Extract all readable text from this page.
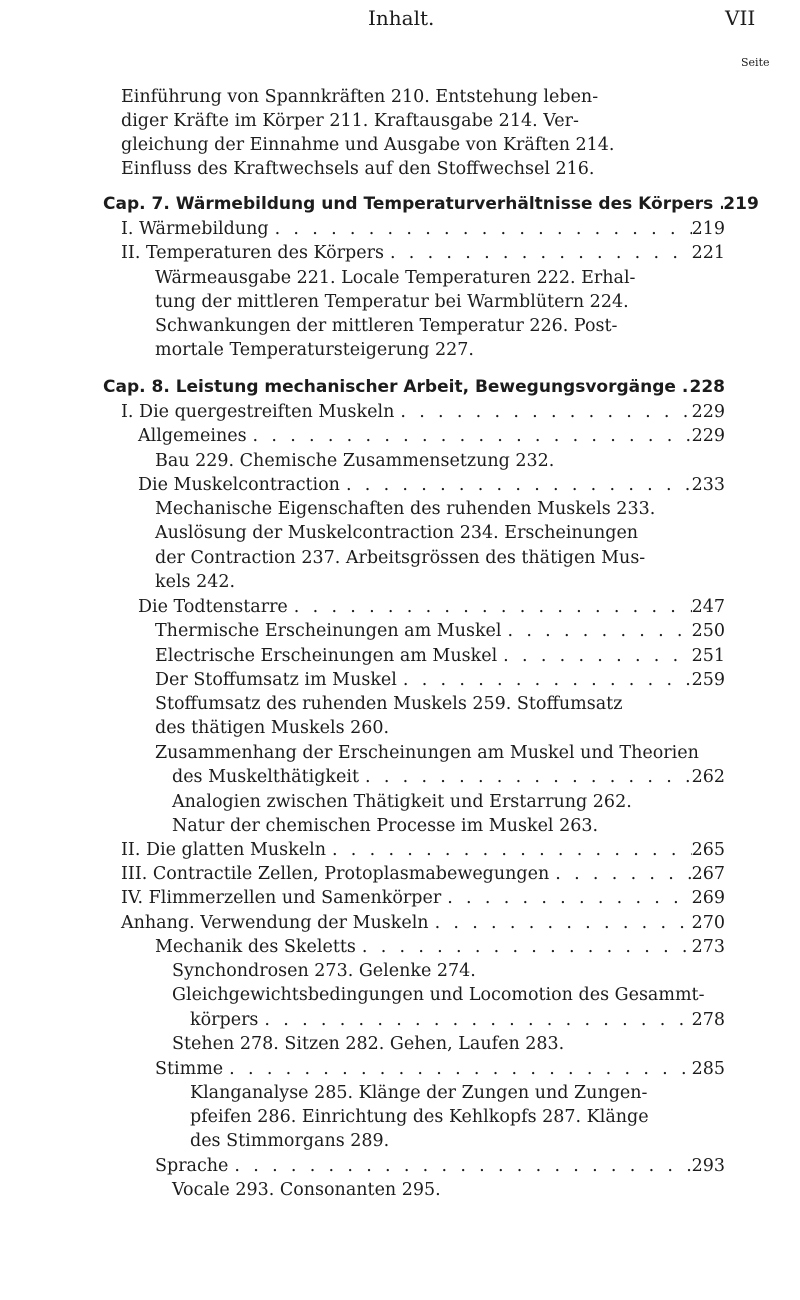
Inhalt.	VII
Seite
Einführung von Spannkräften 210. Entstehung leben-
diger Kräfte im Körper 211. Kraftausgabe 214. Ver-
gleichung der Einnahme und Ausgabe von Kräften 214.
Einfluss des Kraftwechsels auf den Stoffwechsel 216.
Cap. 7. Wärmebildung und Temperaturverhältnisse des Körpers . . . 219
I. Wärmebildung . . .	219
II. Temperaturen des Körpers . . .	221
Wärmeausgabe 221. Locale Temperaturen 222. Erhal-
tung der mittleren Temperatur bei Warmblütern 224.
Schwankungen der mittleren Temperatur 226. Post-
mortale Temperatursteigerung 227.
Cap. 8. Leistung mechanischer Arbeit, Bewegungsvorgänge . . . 228
I. Die quergestreiften Muskeln . . .	229
Allgemeines . . .	229
Bau 229. Chemische Zusammensetzung 232.
Die Muskelcontraction . . .	233
Mechanische Eigenschaften des ruhenden Muskels 233.
Auslösung der Muskelcontraction 234. Erscheinungen
der Contraction 237. Arbeitsgrössen des thätigen Mus-
kels 242.
Die Todtenstarre . . .	247
Thermische Erscheinungen am Muskel . . .	250
Electrische Erscheinungen am Muskel . . .	251
Der Stoffumsatz im Muskel . . .	259
Stoffumsatz des ruhenden Muskels 259. Stoffumsatz
des thätigen Muskels 260.
Zusammenhang der Erscheinungen am Muskel und Theorien
des Muskelthätigkeit . . .	262
Analogien zwischen Thätigkeit und Erstarrung 262.
Natur der chemischen Processe im Muskel 263.
II. Die glatten Muskeln . . .	265
III. Contractile Zellen, Protoplasmabewegungen . . .	267
IV. Flimmerzellen und Samenkörper . . .	269
Anhang. Verwendung der Muskeln . . .	270
Mechanik des Skeletts . . .	273
Synchondrosen 273. Gelenke 274.
Gleichgewichtsbedingungen und Locomotion des Gesammt-
körpers . . .	278
Stehen 278. Sitzen 282. Gehen, Laufen 283.
Stimme . . .	285
Klanganalyse 285. Klänge der Zungen und Zungen-
pfeifen 286. Einrichtung des Kehlkopfs 287. Klänge
des Stimmorgans 289.
Sprache . . .	293
Vocale 293. Consonanten 295.
